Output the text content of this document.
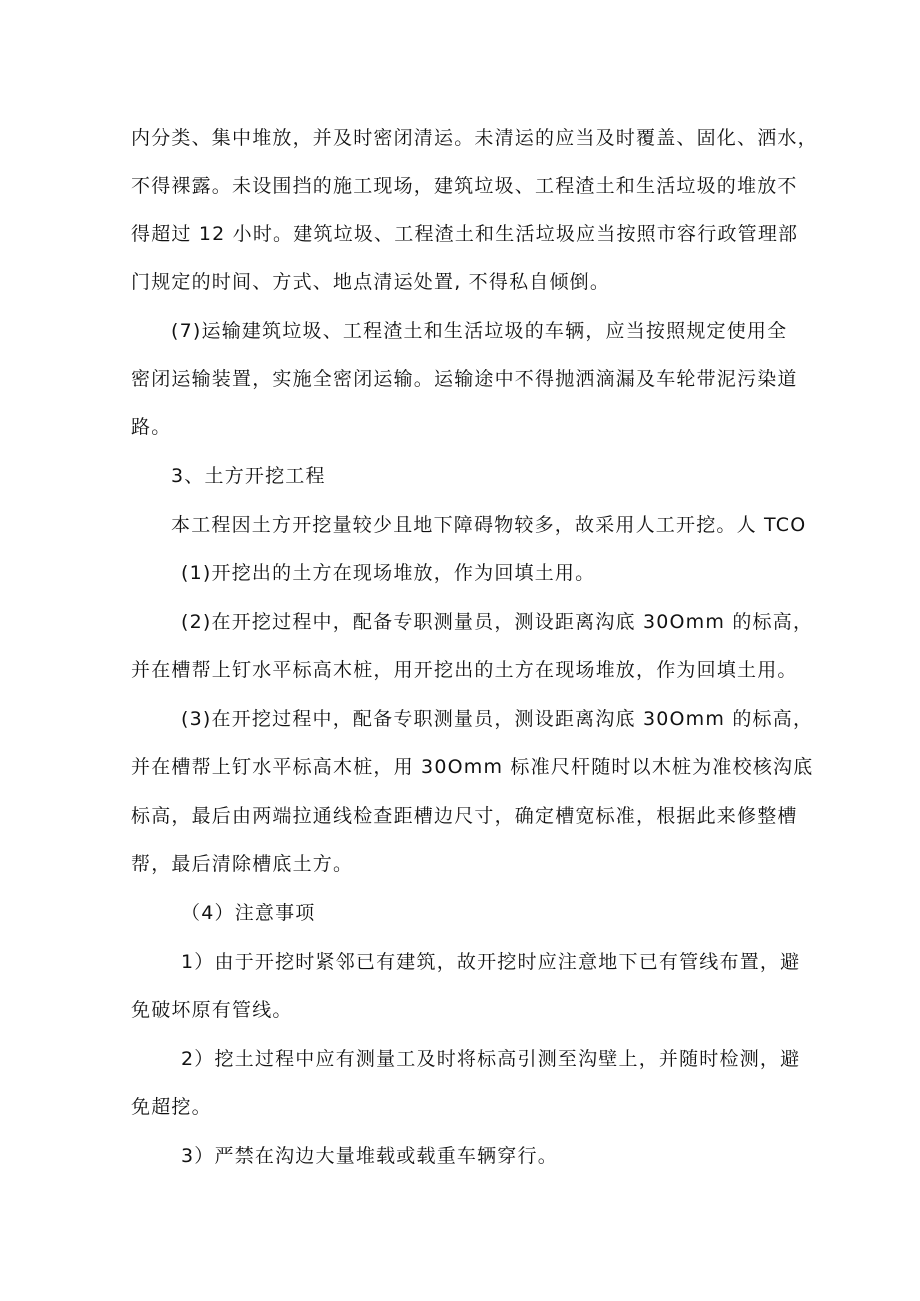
内分类、集中堆放，并及时密闭清运。未清运的应当及时覆盖、固化、洒水，
不得裸露。未设围挡的施工现场，建筑垃圾、工程渣土和生活垃圾的堆放不
得超过 12 小时。建筑垃圾、工程渣土和生活垃圾应当按照市容行政管理部
门规定的时间、方式、地点清运处置, 不得私自倾倒。
(7)运输建筑垃圾、工程渣土和生活垃圾的车辆，应当按照规定使用全
密闭运输装置，实施全密闭运输。运输途中不得抛洒滴漏及车轮带泥污染道
路。
3、土方开挖工程
本工程因土方开挖量较少且地下障碍物较多，故采用人工开挖。人 TCO
(1)开挖出的土方在现场堆放，作为回填土用。
(2)在开挖过程中，配备专职测量员，测设距离沟底 30Omm 的标高，
并在槽帮上钉水平标高木桩，用开挖出的土方在现场堆放，作为回填土用。
(3)在开挖过程中，配备专职测量员，测设距离沟底 30Omm 的标高，
并在槽帮上钉水平标高木桩，用 30Omm 标准尺杆随时以木桩为准校核沟底
标高，最后由两端拉通线检查距槽边尺寸，确定槽宽标准，根据此来修整槽
帮，最后清除槽底土方。
（4）注意事项
1）由于开挖时紧邻已有建筑，故开挖时应注意地下已有管线布置，避
免破坏原有管线。
2）挖土过程中应有测量工及时将标高引测至沟壁上，并随时检测，避
免超挖。
3）严禁在沟边大量堆载或载重车辆穿行。
